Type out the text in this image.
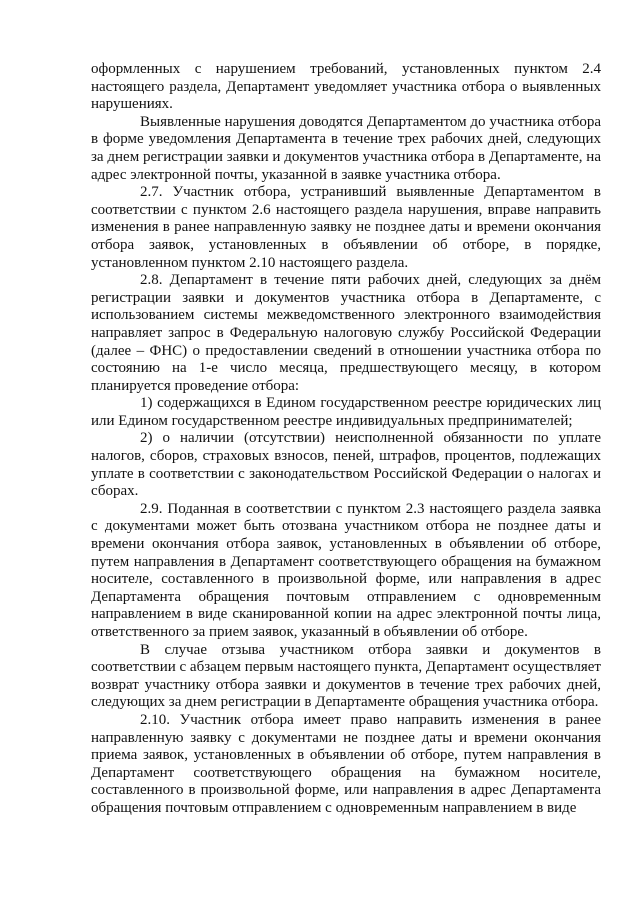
оформленных с нарушением требований, установленных пунктом 2.4 настоящего раздела, Департамент уведомляет участника отбора о выявленных нарушениях.

Выявленные нарушения доводятся Департаментом до участника отбора в форме уведомления Департамента в течение трех рабочих дней, следующих за днем регистрации заявки и документов участника отбора в Департаменте, на адрес электронной почты, указанной в заявке участника отбора.

2.7. Участник отбора, устранивший выявленные Департаментом в соответствии с пунктом 2.6 настоящего раздела нарушения, вправе направить изменения в ранее направленную заявку не позднее даты и времени окончания отбора заявок, установленных в объявлении об отборе, в порядке, установленном пунктом 2.10 настоящего раздела.

2.8. Департамент в течение пяти рабочих дней, следующих за днём регистрации заявки и документов участника отбора в Департаменте, с использованием системы межведомственного электронного взаимодействия направляет запрос в Федеральную налоговую службу Российской Федерации (далее – ФНС) о предоставлении сведений в отношении участника отбора по состоянию на 1-е число месяца, предшествующего месяцу, в котором планируется проведение отбора:

1) содержащихся в Едином государственном реестре юридических лиц или Едином государственном реестре индивидуальных предпринимателей;

2) о наличии (отсутствии) неисполненной обязанности по уплате налогов, сборов, страховых взносов, пеней, штрафов, процентов, подлежащих уплате в соответствии с законодательством Российской Федерации о налогах и сборах.

2.9. Поданная в соответствии с пунктом 2.3 настоящего раздела заявка с документами может быть отозвана участником отбора не позднее даты и времени окончания отбора заявок, установленных в объявлении об отборе, путем направления в Департамент соответствующего обращения на бумажном носителе, составленного в произвольной форме, или направления в адрес Департамента обращения почтовым отправлением с одновременным направлением в виде сканированной копии на адрес электронной почты лица, ответственного за прием заявок, указанный в объявлении об отборе.

В случае отзыва участником отбора заявки и документов в соответствии с абзацем первым настоящего пункта, Департамент осуществляет возврат участнику отбора заявки и документов в течение трех рабочих дней, следующих за днем регистрации в Департаменте обращения участника отбора.

2.10. Участник отбора имеет право направить изменения в ранее направленную заявку с документами не позднее даты и времени окончания приема заявок, установленных в объявлении об отборе, путем направления в Департамент соответствующего обращения на бумажном носителе, составленного в произвольной форме, или направления в адрес Департамента обращения почтовым отправлением с одновременным направлением в виде
